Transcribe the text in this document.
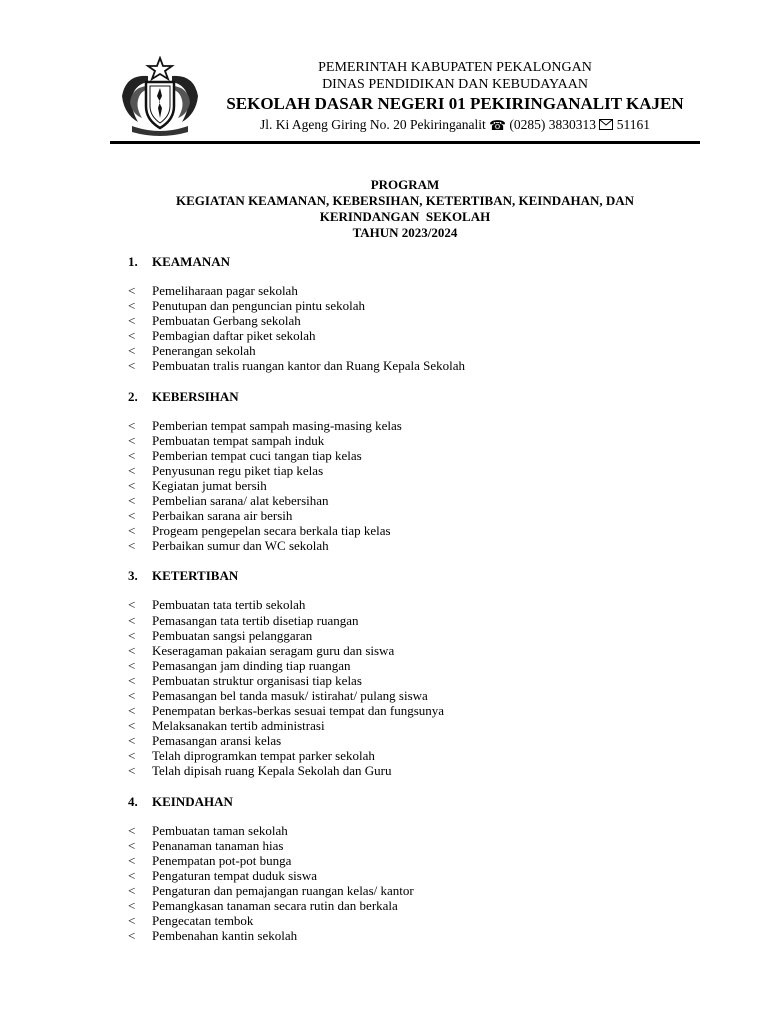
PEMERINTAH KABUPATEN PEKALONGAN
DINAS PENDIDIKAN DAN KEBUDAYAAN
SEKOLAH DASAR NEGERI 01 PEKIRINGANALIT KAJEN
Jl. Ki Ageng Giring No. 20 Pekiringanalit ☎ (0285) 3830313 51161
PROGRAM
KEGIATAN KEAMANAN, KEBERSIHAN, KETERTIBAN, KEINDAHAN, DAN
KERINDANGAN  SEKOLAH
TAHUN 2023/2024
1.	KEAMANAN
<	Pemeliharaan pagar sekolah
<	Penutupan dan penguncian pintu sekolah
<	Pembuatan Gerbang sekolah
<	Pembagian daftar piket sekolah
<	Penerangan sekolah
<	Pembuatan tralis ruangan kantor dan Ruang Kepala Sekolah
2.	KEBERSIHAN
<	Pemberian tempat sampah masing-masing kelas
<	Pembuatan tempat sampah induk
<	Pemberian tempat cuci tangan tiap kelas
<	Penyusunan regu piket tiap kelas
<	Kegiatan jumat bersih
<	Pembelian sarana/ alat kebersihan
<	Perbaikan sarana air bersih
<	Progeam pengepelan secara berkala tiap kelas
<	Perbaikan sumur dan WC sekolah
3.	KETERTIBAN
<	Pembuatan tata tertib sekolah
<	Pemasangan tata tertib disetiap ruangan
<	Pembuatan sangsi pelanggaran
<	Keseragaman pakaian seragam guru dan siswa
<	Pemasangan jam dinding tiap ruangan
<	Pembuatan struktur organisasi tiap kelas
<	Pemasangan bel tanda masuk/ istirahat/ pulang siswa
<	Penempatan berkas-berkas sesuai tempat dan fungsunya
<	Melaksanakan tertib administrasi
<	Pemasangan aransi kelas
<	Telah diprogramkan tempat parker sekolah
<	Telah dipisah ruang Kepala Sekolah dan Guru
4.	KEINDAHAN
<	Pembuatan taman sekolah
<	Penanaman tanaman hias
<	Penempatan pot-pot bunga
<	Pengaturan tempat duduk siswa
<	Pengaturan dan pemajangan ruangan kelas/ kantor
<	Pemangkasan tanaman secara rutin dan berkala
<	Pengecatan tembok
<	Pembenahan kantin sekolah
